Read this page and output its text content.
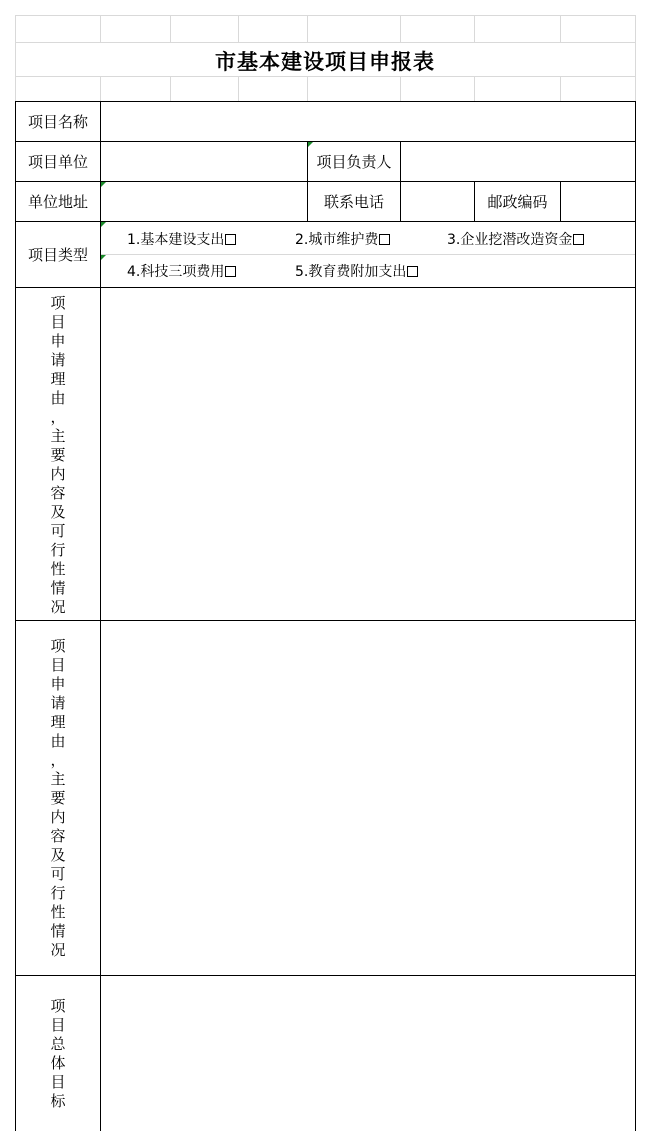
市基本建设项目申报表
项目名称
项目单位	项目负责人
单位地址	联系电话	邮政编码
项目类型
1.基本建设支出	2.城市维护费	3.企业挖潜改造资金
4.科技三项费用	5.教育费附加支出
项
目
申
请
理
由
，
主
要
内
容
及
可
行
性
情
况
项
目
申
请
理
由
，
主
要
内
容
及
可
行
性
情
况
项
目
总
体
目
标
